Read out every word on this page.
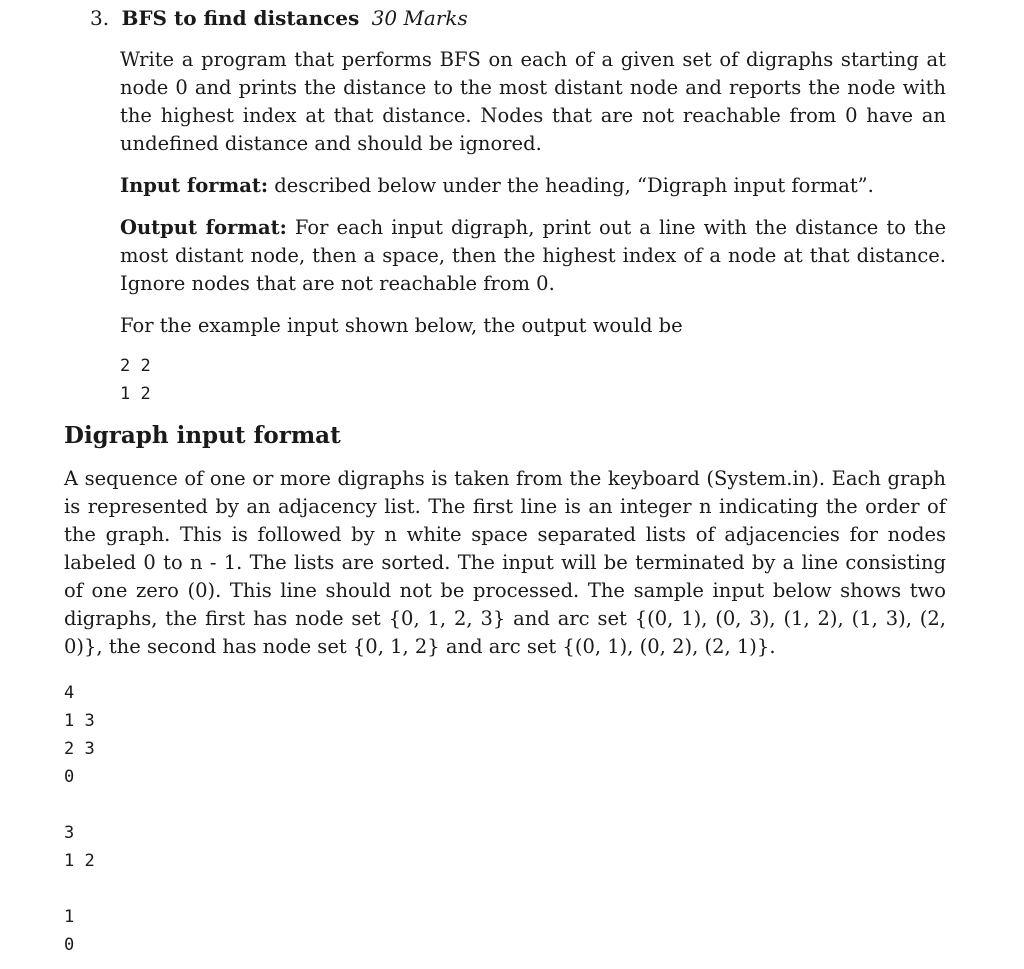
3. BFS to find distances 30 Marks

Write a program that performs BFS on each of a given set of digraphs starting at node 0 and prints the distance to the most distant node and reports the node with the highest index at that distance. Nodes that are not reachable from 0 have an undefined distance and should be ignored.

Input format: described below under the heading, “Digraph input format”.

Output format: For each input digraph, print out a line with the distance to the most distant node, then a space, then the highest index of a node at that distance. Ignore nodes that are not reachable from 0.

For the example input shown below, the output would be

2 2
1 2
Digraph input format

A sequence of one or more digraphs is taken from the keyboard (System.in). Each graph is represented by an adjacency list. The first line is an integer n indicating the order of the graph. This is followed by n white space separated lists of adjacencies for nodes labeled 0 to n - 1. The lists are sorted. The input will be terminated by a line consisting of one zero (0). This line should not be processed. The sample input below shows two digraphs, the first has node set {0, 1, 2, 3} and arc set {(0, 1), (0, 3), (1, 2), (1, 3), (2, 0)}, the second has node set {0, 1, 2} and arc set {(0, 1), (0, 2), (2, 1)}.

4
1 3
2 3
0

3
1 2

1
0
